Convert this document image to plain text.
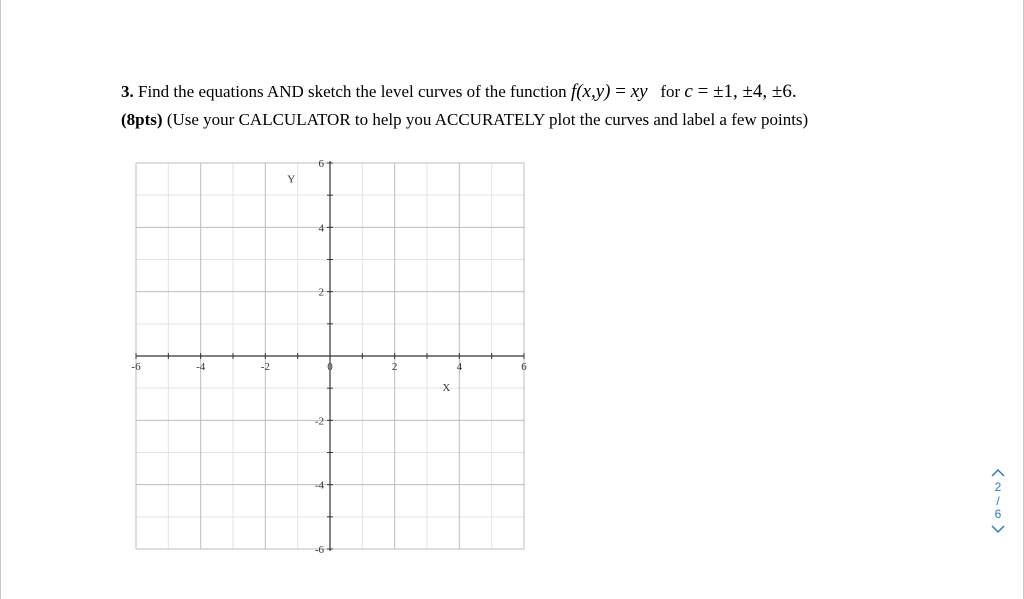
3. Find the equations AND sketch the level curves of the function f(x,y) = xy for c = ±1, ±4, ±6.
(8pts) (Use your CALCULATOR to help you ACCURATELY plot the curves and label a few points)
-6	-4	-2	0	2	4	6
6
4
2
-2
-4
-6
X
Y
2
/
6
